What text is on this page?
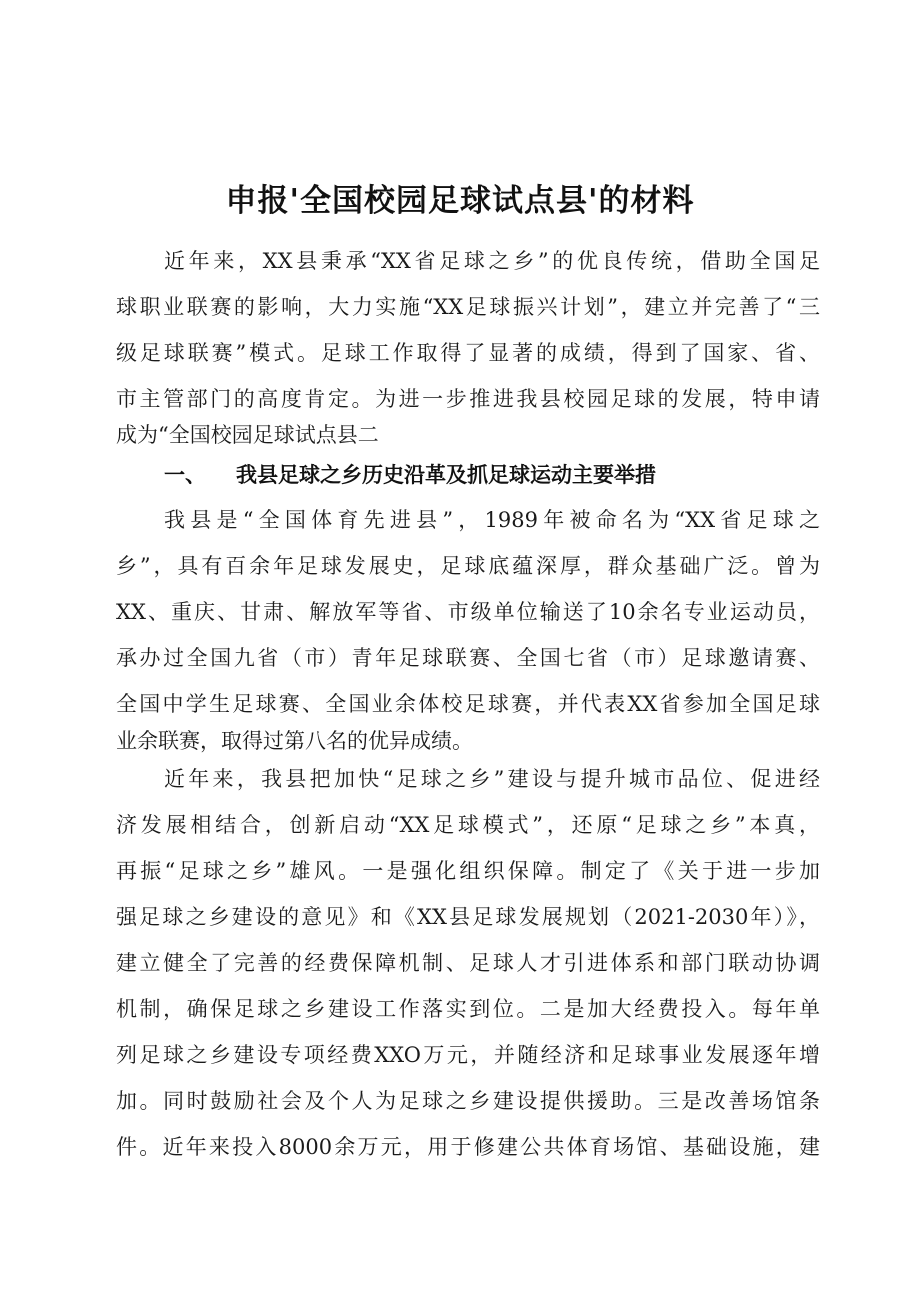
申报'全国校园足球试点县'的材料
近年来，XX县秉承“XX省足球之乡”的优良传统，借助全国足
球职业联赛的影响，大力实施“XX足球振兴计划”，建立并完善了“三
级足球联赛”模式。足球工作取得了显著的成绩，得到了国家、省、
市主管部门的高度肯定。为进一步推进我县校园足球的发展，特申请
成为“全国校园足球试点县二
一、 我县足球之乡历史沿革及抓足球运动主要举措
我县是“全国体育先进县”，1989年被命名为“XX省足球之
乡”，具有百余年足球发展史，足球底蕴深厚，群众基础广泛。曾为
XX、重庆、甘肃、解放军等省、市级单位输送了10余名专业运动员，
承办过全国九省（市）青年足球联赛、全国七省（市）足球邀请赛、
全国中学生足球赛、全国业余体校足球赛，并代表XX省参加全国足球
业余联赛，取得过第八名的优异成绩。
近年来，我县把加快“足球之乡”建设与提升城市品位、促进经
济发展相结合，创新启动“XX足球模式”，还原“足球之乡”本真，
再振“足球之乡”雄风。一是强化组织保障。制定了《关于进一步加
强足球之乡建设的意见》和《XX县足球发展规划（2021-2030年）》，
建立健全了完善的经费保障机制、足球人才引进体系和部门联动协调
机制，确保足球之乡建设工作落实到位。二是加大经费投入。每年单
列足球之乡建设专项经费XXO万元，并随经济和足球事业发展逐年增
加。同时鼓励社会及个人为足球之乡建设提供援助。三是改善场馆条
件。近年来投入8000余万元，用于修建公共体育场馆、基础设施，建
